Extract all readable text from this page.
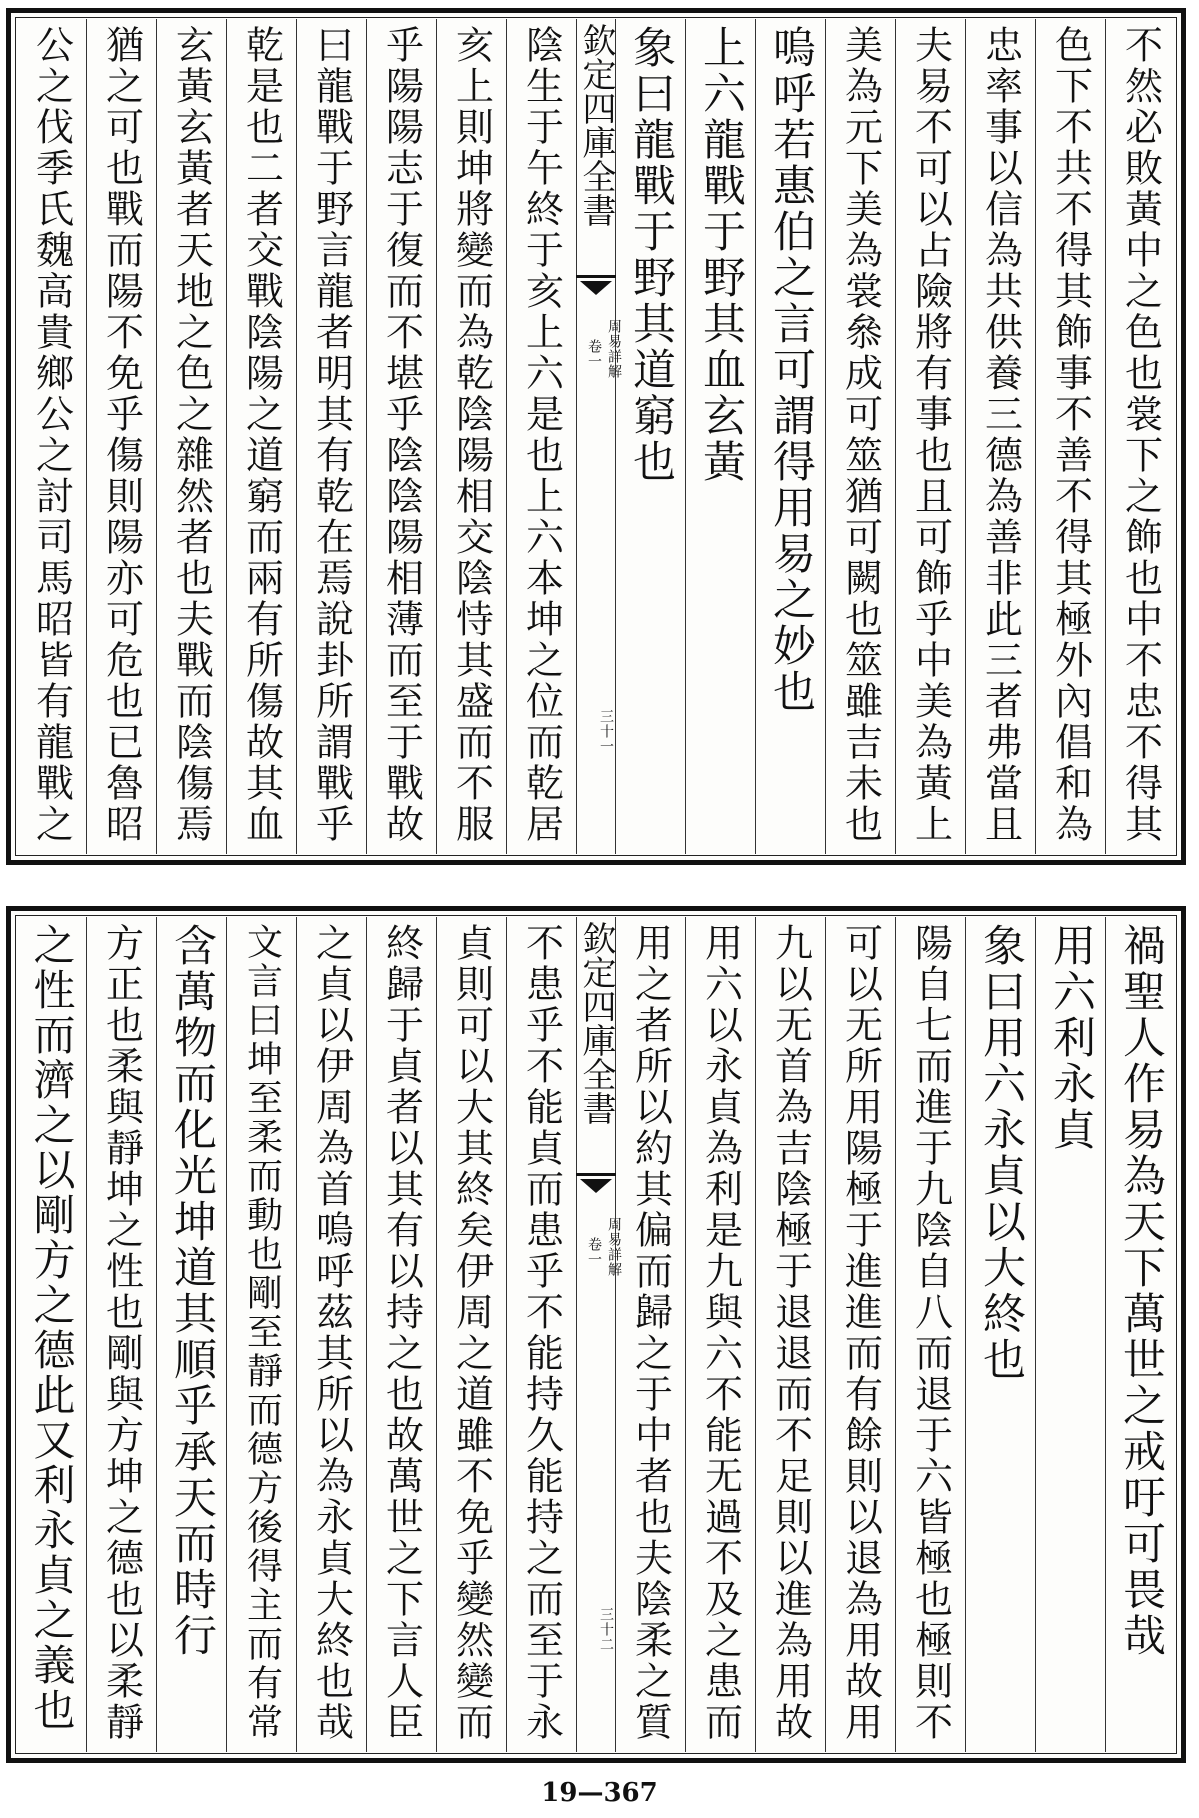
不然必敗黃中之色也裳下之飾也中不忠不得其
色下不共不得其飾事不善不得其極外內倡和為
忠率事以信為共供養三德為善非此三者弗當且
夫易不可以占險將有事也且可飾乎中美為黃上
美為元下美為裳叅成可筮猶可闕也筮雖吉未也
嗚呼若惠伯之言可謂得用易之妙也
上六龍戰于野其血玄黃
象曰龍戰于野其道窮也
欽定四庫全書
周易詳解
卷一
三十一
陰生于午終于亥上六是也上六本坤之位而乾居
亥上則坤將變而為乾陰陽相交陰恃其盛而不服
乎陽陽志于復而不堪乎陰陰陽相薄而至于戰故
曰龍戰于野言龍者明其有乾在焉說卦所謂戰乎
乾是也二者交戰陰陽之道窮而兩有所傷故其血
玄黃玄黃者天地之色之雜然者也夫戰而陰傷焉
猶之可也戰而陽不免乎傷則陽亦可危也已魯昭
公之伐季氏魏高貴鄉公之討司馬昭皆有龍戰之
禍聖人作易為天下萬世之戒吁可畏哉
用六利永貞
象曰用六永貞以大終也
陽自七而進于九陰自八而退于六皆極也極則不
可以无所用陽極于進進而有餘則以退為用故用
九以无首為吉陰極于退退而不足則以進為用故
用六以永貞為利是九與六不能无過不及之患而
用之者所以約其偏而歸之于中者也夫陰柔之質
欽定四庫全書
周易詳解
卷一
三十二
不患乎不能貞而患乎不能持久能持之而至于永
貞則可以大其終矣伊周之道雖不免乎變然變而
終歸于貞者以其有以持之也故萬世之下言人臣
之貞以伊周為首嗚呼茲其所以為永貞大終也哉
文言曰坤至柔而動也剛至靜而德方後得主而有常
含萬物而化光坤道其順乎承天而時行
方正也柔與靜坤之性也剛與方坤之德也以柔靜
之性而濟之以剛方之德此又利永貞之義也
19—367
